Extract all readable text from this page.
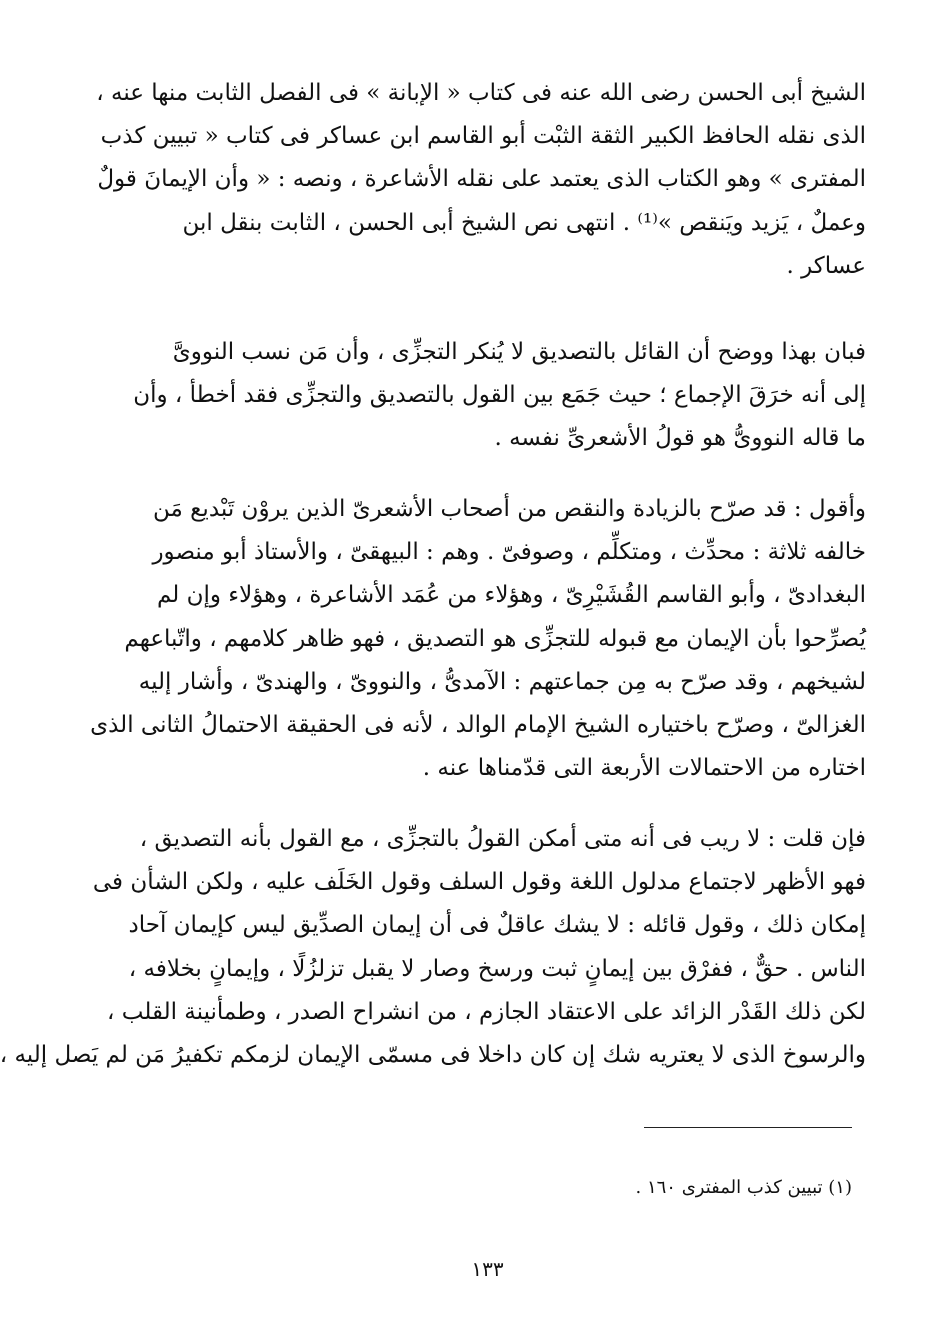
الشيخ أبى الحسن رضى الله عنه فى كتاب « الإبانة » فى الفصل الثابت منها عنه ،
الذى نقله الحافظ الكبير الثقة الثبْت أبو القاسم ابن عساكر فى كتاب « تبيين كذب
المفترى » وهو الكتاب الذى يعتمد على نقله الأشاعرة ، ونصه : « وأن الإيمانَ قولٌ
وعملٌ ، يَزيد ويَنقص »⁽¹⁾ . انتهى نص الشيخ أبى الحسن ، الثابت بنقل ابن
عساكر .
فبان بهذا ووضح أن القائل بالتصديق لا يُنكر التجزِّى ، وأن مَن نسب النووىَّ
إلى أنه خرَقَ الإجماع ؛ حيث جَمَع بين القول بالتصديق والتجزِّى فقد أخطأ ، وأن
ما قاله النووىُّ هو قولُ الأشعرىِّ نفسه .
وأقول : قد صرّح بالزيادة والنقص من أصحاب الأشعرىّ الذين يروْن تَبْديع مَن
خالفه ثلاثة : محدِّث ، ومتكلِّم ، وصوفىّ . وهم : البيهقىّ ، والأستاذ أبو منصور
البغدادىّ ، وأبو القاسم القُشَيْرِىّ ، وهؤلاء من عُمَد الأشاعرة ، وهؤلاء وإن لم
يُصرِّحوا بأن الإيمان مع قبوله للتجزِّى هو التصديق ، فهو ظاهر كلامهم ، واتّباعهم
لشيخهم ، وقد صرّح به مِن جماعتهم : الآمدىُّ ، والنووىّ ، والهندىّ ، وأشار إليه
الغزالىّ ، وصرّح باختياره الشيخ الإمام الوالد ، لأنه فى الحقيقة الاحتمالُ الثانى الذى
اختاره من الاحتمالات الأربعة التى قدّمناها عنه .
فإن قلت : لا ريب فى أنه متى أمكن القولُ بالتجزِّى ، مع القول بأنه التصديق ،
فهو الأظهر لاجتماع مدلول اللغة وقول السلف وقول الخَلَف عليه ، ولكن الشأن فى
إمكان ذلك ، وقول قائله : لا يشك عاقلٌ فى أن إيمان الصدِّيق ليس كإيمان آحاد
الناس . حقٌّ ، ففرْق بين إيمانٍ ثبت ورسخ وصار لا يقبل تزلزُلًا ، وإيمانٍ بخلافه ،
لكن ذلك القَدْر الزائد على الاعتقاد الجازم ، من انشراح الصدر ، وطمأنينة القلب ،
والرسوخ الذى لا يعتريه شك إن كان داخلا فى مسمّى الإيمان لزمكم تكفيرُ مَن لم يَصل إليه ،
(١) تبيين كذب المفترى ١٦٠ .
١٣٣
